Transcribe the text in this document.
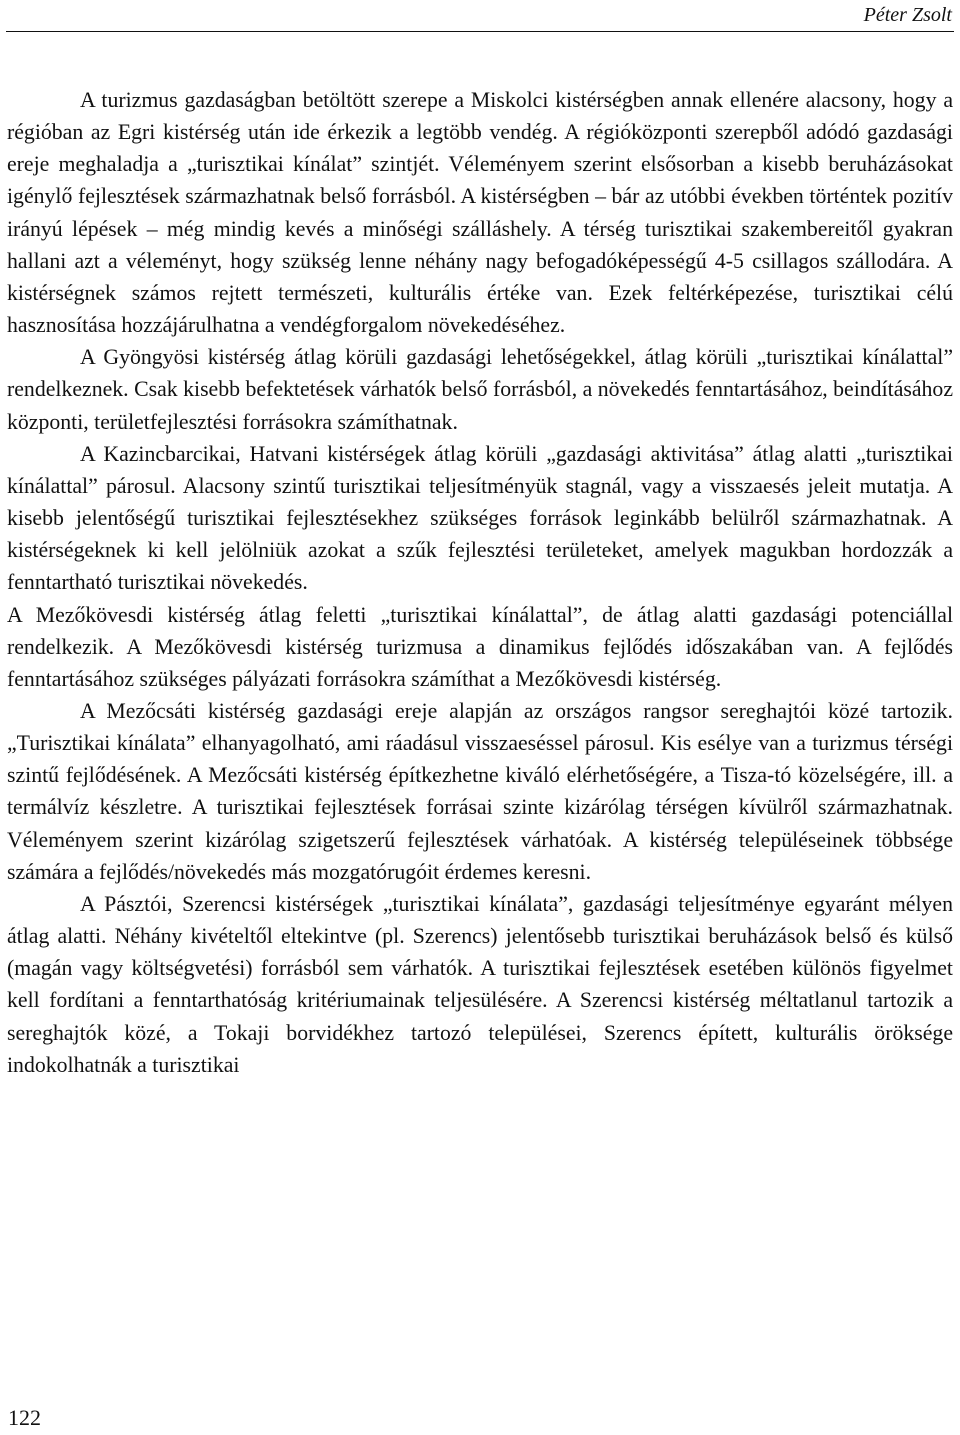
Péter Zsolt

A turizmus gazdaságban betöltött szerepe a Miskolci kistérségben annak ellenére alacsony, hogy a régióban az Egri kistérség után ide érkezik a legtöbb vendég. A régióközponti szerepből adódó gazdasági ereje meghaladja a „turisztikai kínálat” szintjét. Véleményem szerint elsősorban a kisebb beruházásokat igénylő fejlesztések származhatnak belső forrásból. A kistérségben – bár az utóbbi években történtek pozitív irányú lépések – még mindig kevés a minőségi szálláshely. A térség turisztikai szakembereitől gyakran hallani azt a véleményt, hogy szükség lenne néhány nagy befogadóképességű 4-5 csillagos szállodára. A kistérségnek számos rejtett természeti, kulturális értéke van. Ezek feltérképezése, turisztikai célú hasznosítása hozzájárulhatna a vendégforgalom növekedéséhez.

A Gyöngyösi kistérség átlag körüli gazdasági lehetőségekkel, átlag körüli „turisztikai kínálattal” rendelkeznek. Csak kisebb befektetések várhatók belső forrásból, a növekedés fenntartásához, beindításához központi, területfejlesztési forrásokra számíthatnak.

A Kazincbarcikai, Hatvani kistérségek átlag körüli „gazdasági aktivitása” átlag alatti „turisztikai kínálattal” párosul. Alacsony szintű turisztikai teljesítményük stagnál, vagy a visszaesés jeleit mutatja. A kisebb jelentőségű turisztikai fejlesztésekhez szükséges források leginkább belülről származhatnak. A kistérségeknek ki kell jelölniük azokat a szűk fejlesztési területeket, amelyek magukban hordozzák a fenntartható turisztikai növekedés.

A Mezőkövesdi kistérség átlag feletti „turisztikai kínálattal”, de átlag alatti gazdasági potenciállal rendelkezik. A Mezőkövesdi kistérség turizmusa a dinamikus fejlődés időszakában van. A fejlődés fenntartásához szükséges pályázati forrásokra számíthat a Mezőkövesdi kistérség.

A Mezőcsáti kistérség gazdasági ereje alapján az országos rangsor sereghajtói közé tartozik. „Turisztikai kínálata” elhanyagolható, ami ráadásul visszaeséssel párosul. Kis esélye van a turizmus térségi szintű fejlődésének. A Mezőcsáti kistérség építkezhetne kiváló elérhetőségére, a Tisza-tó közelségére, ill. a termálvíz készletre. A turisztikai fejlesztések forrásai szinte kizárólag térségen kívülről származhatnak. Véleményem szerint kizárólag szigetszerű fejlesztések várhatóak. A kistérség településeinek többsége számára a fejlődés/növekedés más mozgatórugóit érdemes keresni.

A Pásztói, Szerencsi kistérségek „turisztikai kínálata”, gazdasági teljesítménye egyaránt mélyen átlag alatti. Néhány kivételtől eltekintve (pl. Szerencs) jelentősebb turisztikai beruházások belső és külső (magán vagy költségvetési) forrásból sem várhatók. A turisztikai fejlesztések esetében különös figyelmet kell fordítani a fenntarthatóság kritériumainak teljesülésére. A Szerencsi kistérség méltatlanul tartozik a sereghajtók közé, a Tokaji borvidékhez tartozó települései, Szerencs épített, kulturális öröksége indokolhatnák a turisztikai

122
